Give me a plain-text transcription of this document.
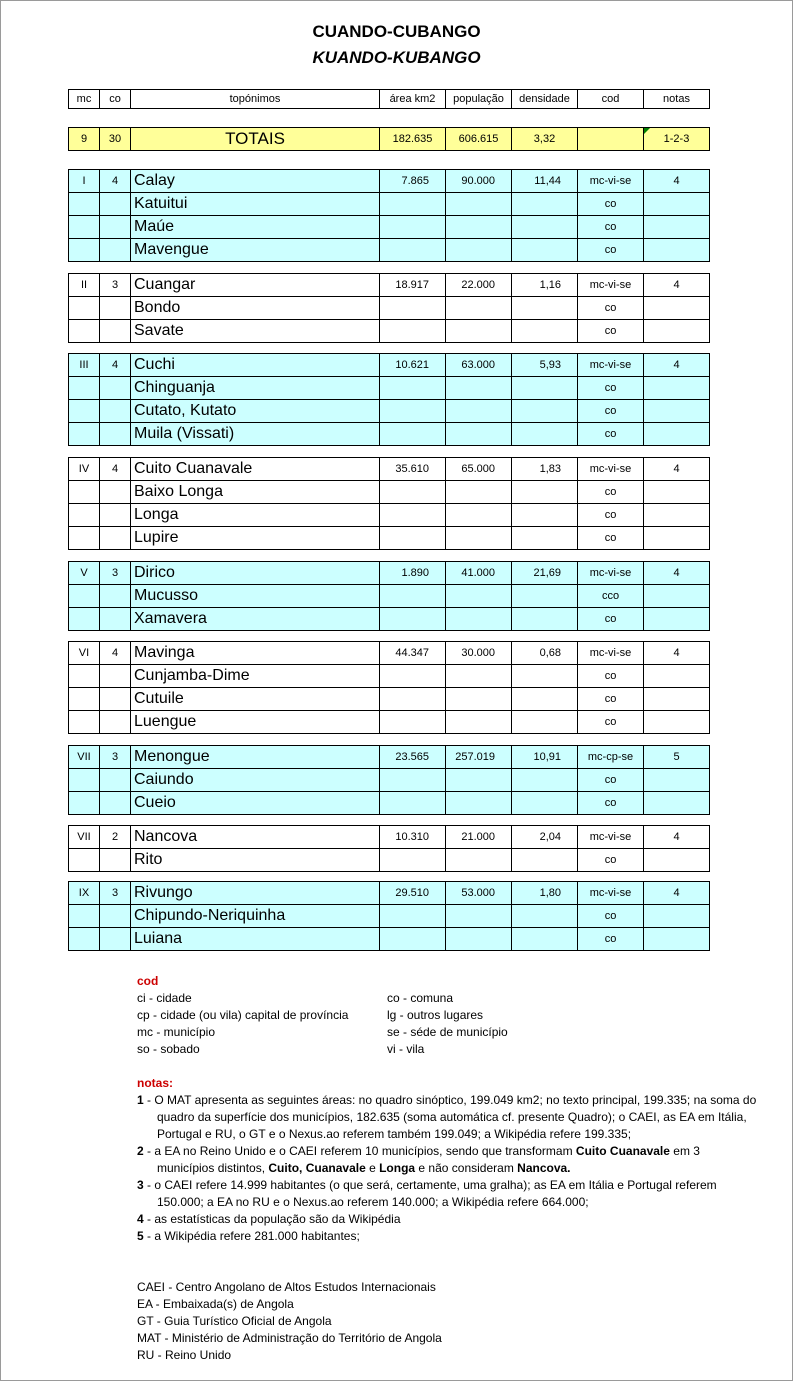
CUANDO-CUBANGO
KUANDO-KUBANGO
mc	co	topónimos	área km2	população	densidade	cod	notas
9	30	TOTAIS	182.635	606.615	3,32		1-2-3
I	4	Calay	7.865	90.000	11,44	mc-vi-se	4
		Katuitui				co	
		Maúe				co	
		Mavengue				co	
II	3	Cuangar	18.917	22.000	1,16	mc-vi-se	4
		Bondo				co	
		Savate				co	
III	4	Cuchi	10.621	63.000	5,93	mc-vi-se	4
		Chinguanja				co	
		Cutato, Kutato				co	
		Muila (Vissati)				co	
IV	4	Cuito Cuanavale	35.610	65.000	1,83	mc-vi-se	4
		Baixo Longa				co	
		Longa				co	
		Lupire				co	
V	3	Dirico	1.890	41.000	21,69	mc-vi-se	4
		Mucusso				cco	
		Xamavera				co	
VI	4	Mavinga	44.347	30.000	0,68	mc-vi-se	4
		Cunjamba-Dime				co	
		Cutuile				co	
		Luengue				co	
VII	3	Menongue	23.565	257.019	10,91	mc-cp-se	5
		Caiundo				co	
		Cueio				co	
VII	2	Nancova	10.310	21.000	2,04	mc-vi-se	4
		Rito				co	
IX	3	Rivungo	29.510	53.000	1,80	mc-vi-se	4
		Chipundo-Neriquinha				co	
		Luiana				co	
cod
ci - cidade
cp - cidade (ou vila) capital de província
mc - município
so - sobado
co - comuna
lg - outros lugares
se - séde de município
vi - vila
notas:

1 - O MAT apresenta as seguintes áreas: no quadro sinóptico, 199.049 km2; no texto principal, 199.335; na soma do quadro da superfície dos municípios, 182.635 (soma automática cf. presente Quadro); o CAEI, as EA em Itália, Portugal e RU, o GT e o Nexus.ao referem também 199.049; a Wikipédia refere 199.335;

2 - a EA no Reino Unido e o CAEI referem 10 municípios, sendo que transformam Cuito Cuanavale em 3 municípios distintos, Cuito, Cuanavale e Longa e não consideram Nancova.

3 - o CAEI refere 14.999 habitantes (o que será, certamente, uma gralha); as EA em Itália e Portugal referem 150.000; a EA no RU e o Nexus.ao referem 140.000; a Wikipédia refere 664.000;

4 - as estatísticas da população são da Wikipédia

5 - a Wikipédia refere 281.000 habitantes;

CAEI - Centro Angolano de Altos Estudos Internacionais
EA - Embaixada(s) de Angola
GT - Guia Turístico Oficial de Angola
MAT - Ministério de Administração do Território de Angola
RU - Reino Unido
